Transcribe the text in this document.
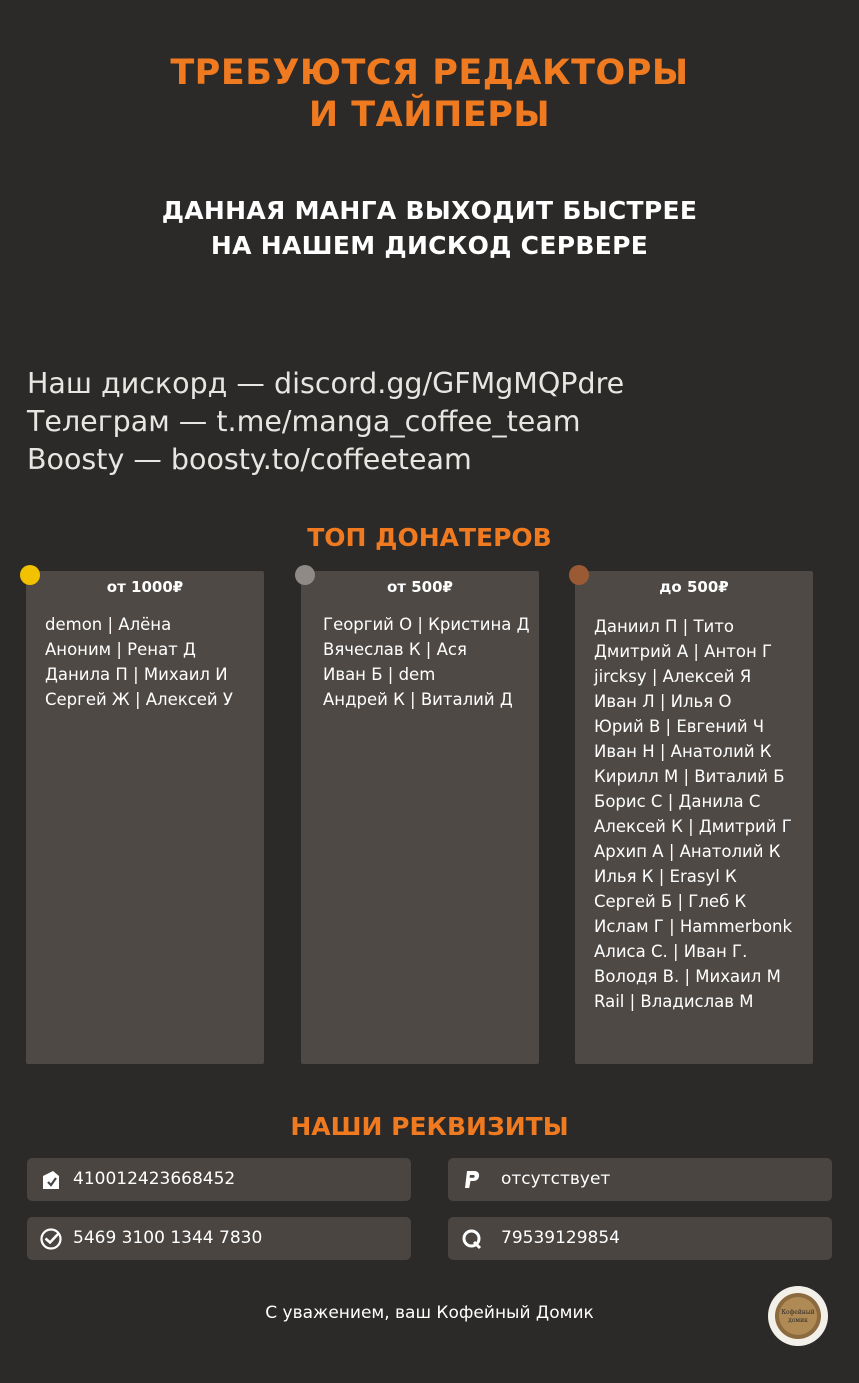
ТРЕБУЮТСЯ РЕДАКТОРЫ
И ТАЙПЕРЫ
ДАННАЯ МАНГА ВЫХОДИТ БЫСТРЕЕ
НА НАШЕМ ДИСКОД СЕРВЕРЕ
Наш дискорд — discord.gg/GFMgMQPdre
Телеграм — t.me/manga_coffee_team
Boosty — boosty.to/coffeeteam
ТОП ДОНАТЕРОВ
от 1000₽
demon | Алёна
Аноним | Ренат Д
Данила П | Михаил И
Сергей Ж | Алексей У
от 500₽
Георгий О | Кристина Д
Вячеслав К | Ася
Иван Б | dem
Андрей К | Виталий Д
до 500₽
Даниил П | Тито
Дмитрий А | Антон Г
jircksy | Алексей Я
Иван Л | Илья О
Юрий В | Евгений Ч
Иван Н | Анатолий К
Кирилл М | Виталий Б
Борис С | Данила С
Алексей К | Дмитрий Г
Архип А | Анатолий К
Илья К | Erasyl К
Сергей Б | Глеб К
Ислам Г | Hammerbonk
Алиса С. | Иван Г.
Володя В. | Михаил М
Rail | Владислав М
НАШИ РЕКВИЗИТЫ
410012423668452	отсутствует
5469 3100 1344 7830	79539129854
С уважением, ваш Кофейный Домик	Кофейный
домик
